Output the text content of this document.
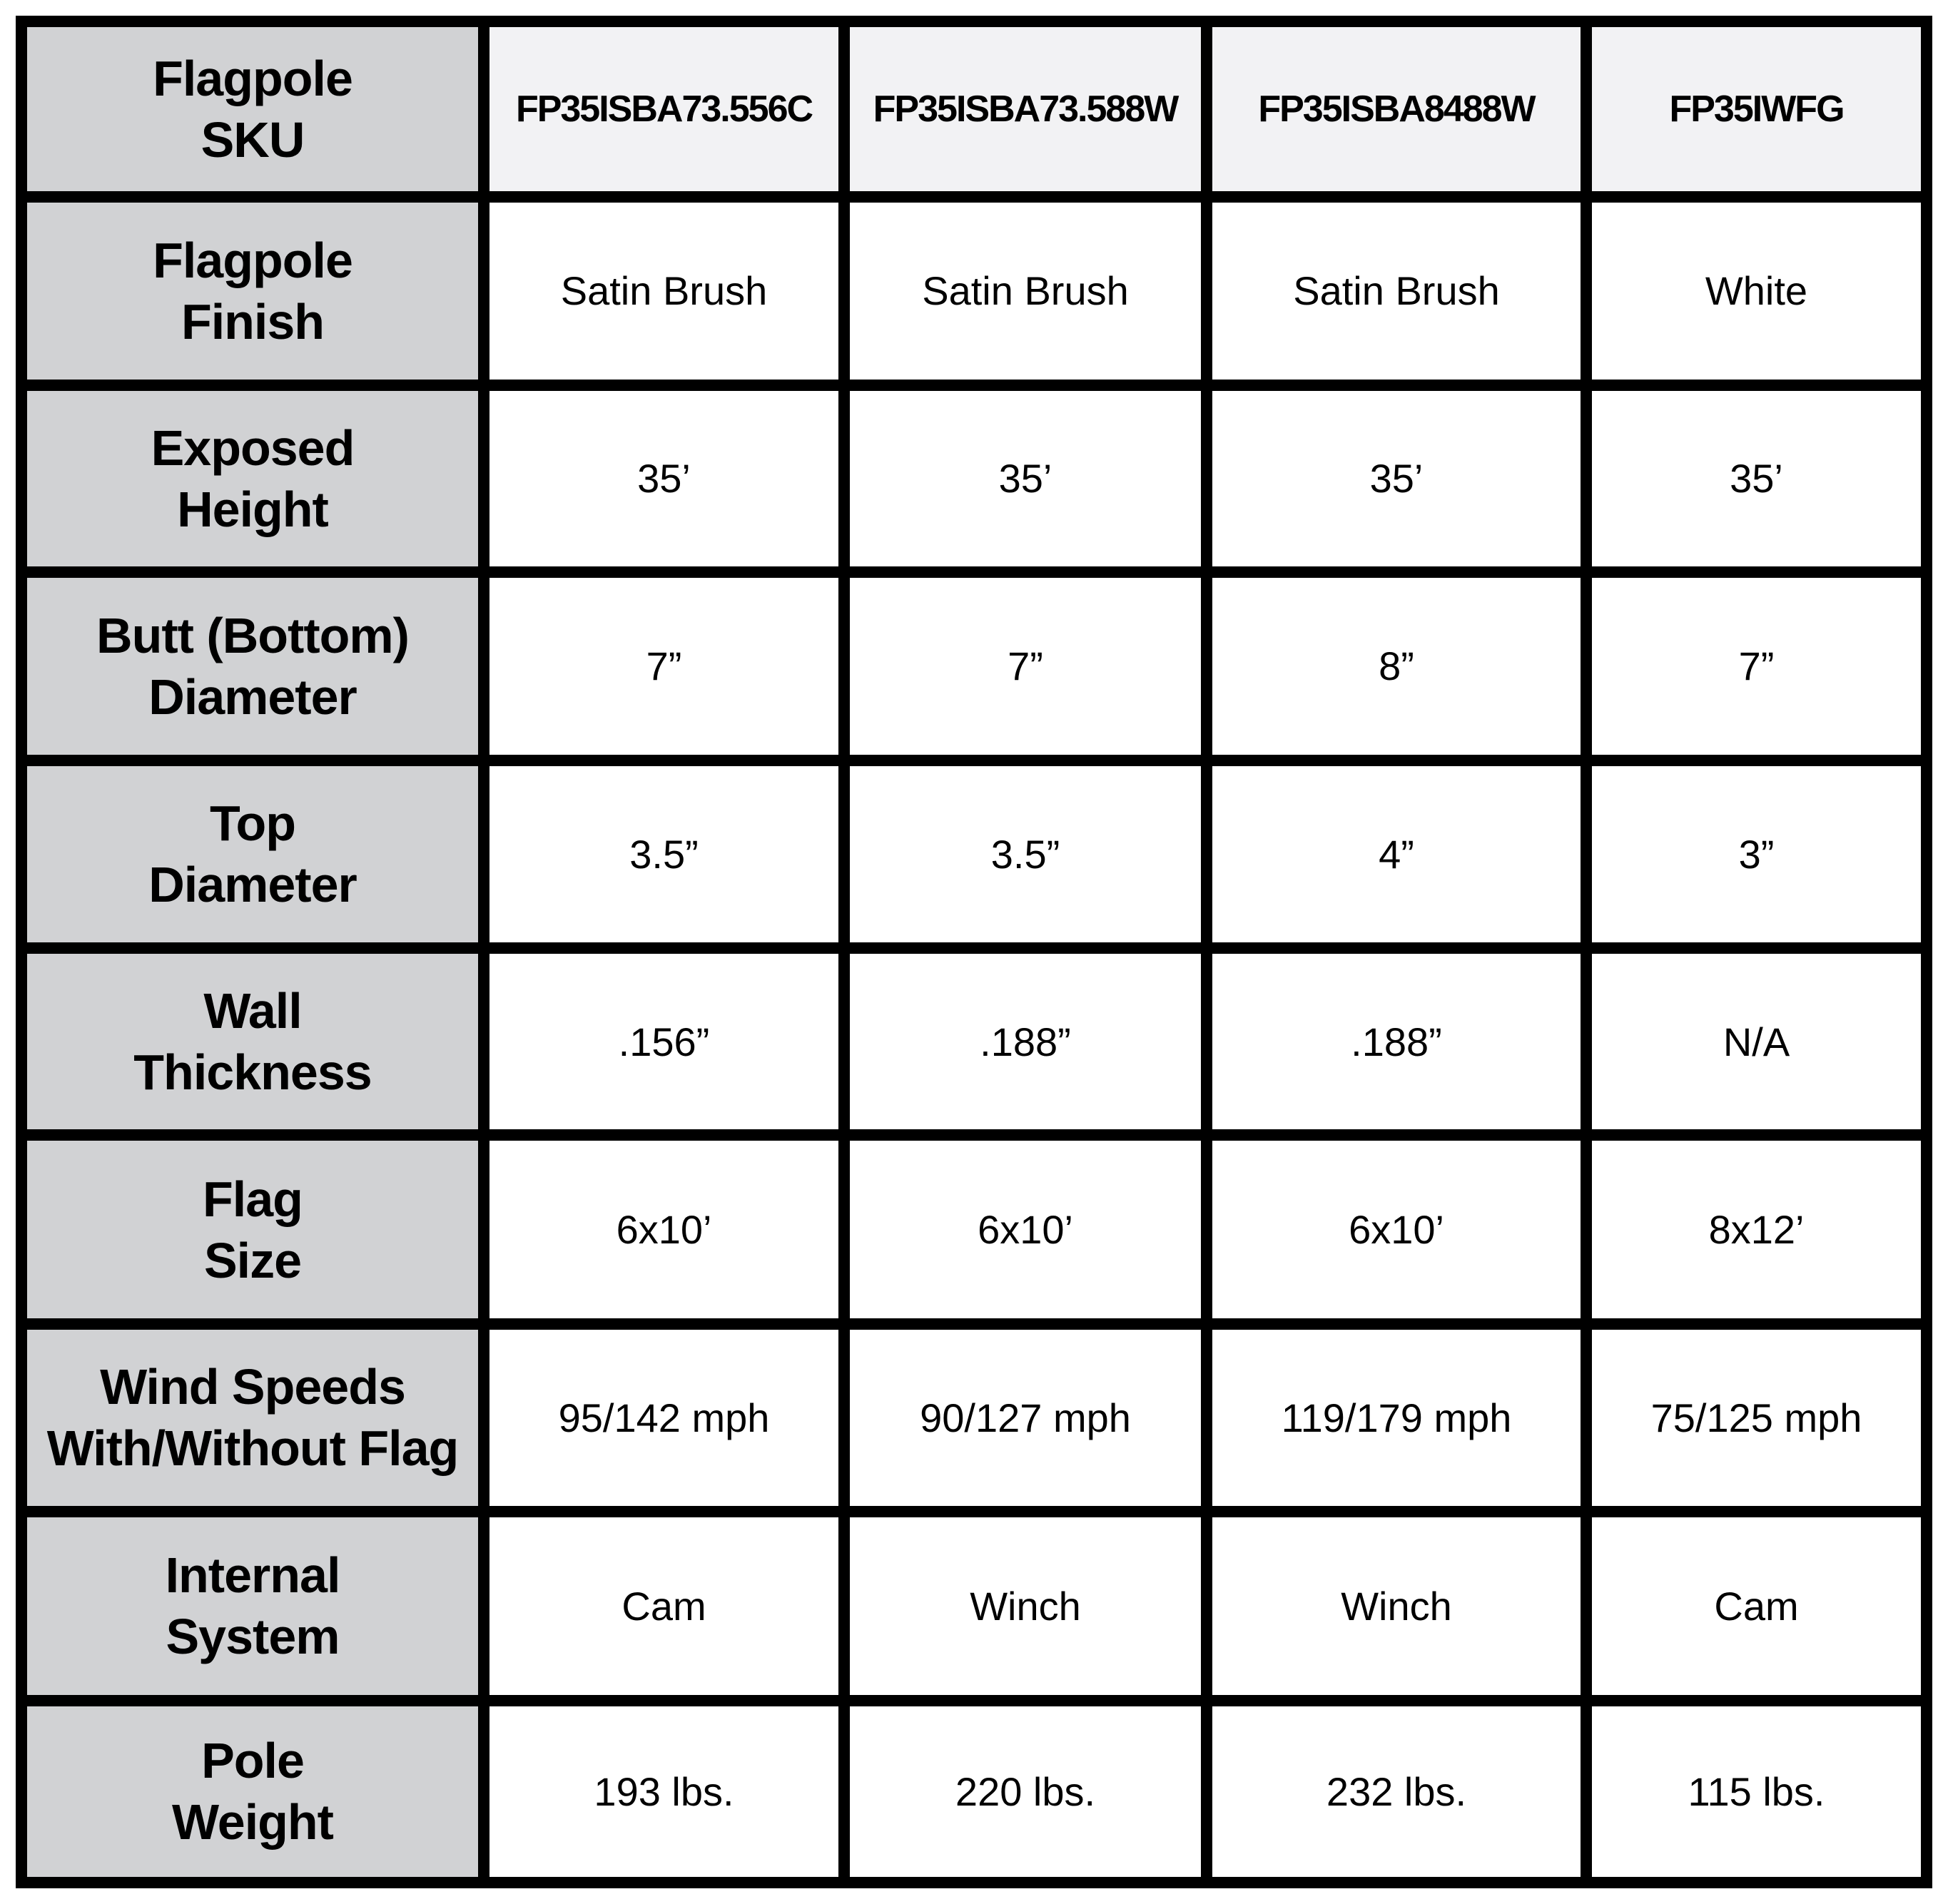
Flagpole
SKU	FP35ISBA73.556C	FP35ISBA73.588W	FP35ISBA8488W	FP35IWFG

Flagpole
Finish	Satin Brush	Satin Brush	Satin Brush	White

Exposed
Height	35’	35’	35’	35’

Butt (Bottom)
Diameter	7”	7”	8”	7”

Top
Diameter	3.5”	3.5”	4”	3”

Wall
Thickness	.156”	.188”	.188”	N/A

Flag
Size	6x10’	6x10’	6x10’	8x12’

Wind Speeds
With/Without Flag	95/142 mph	90/127 mph	119/179 mph	75/125 mph

Internal
System	Cam	Winch	Winch	Cam

Pole
Weight	193 lbs.	220 lbs.	232 lbs.	115 lbs.
